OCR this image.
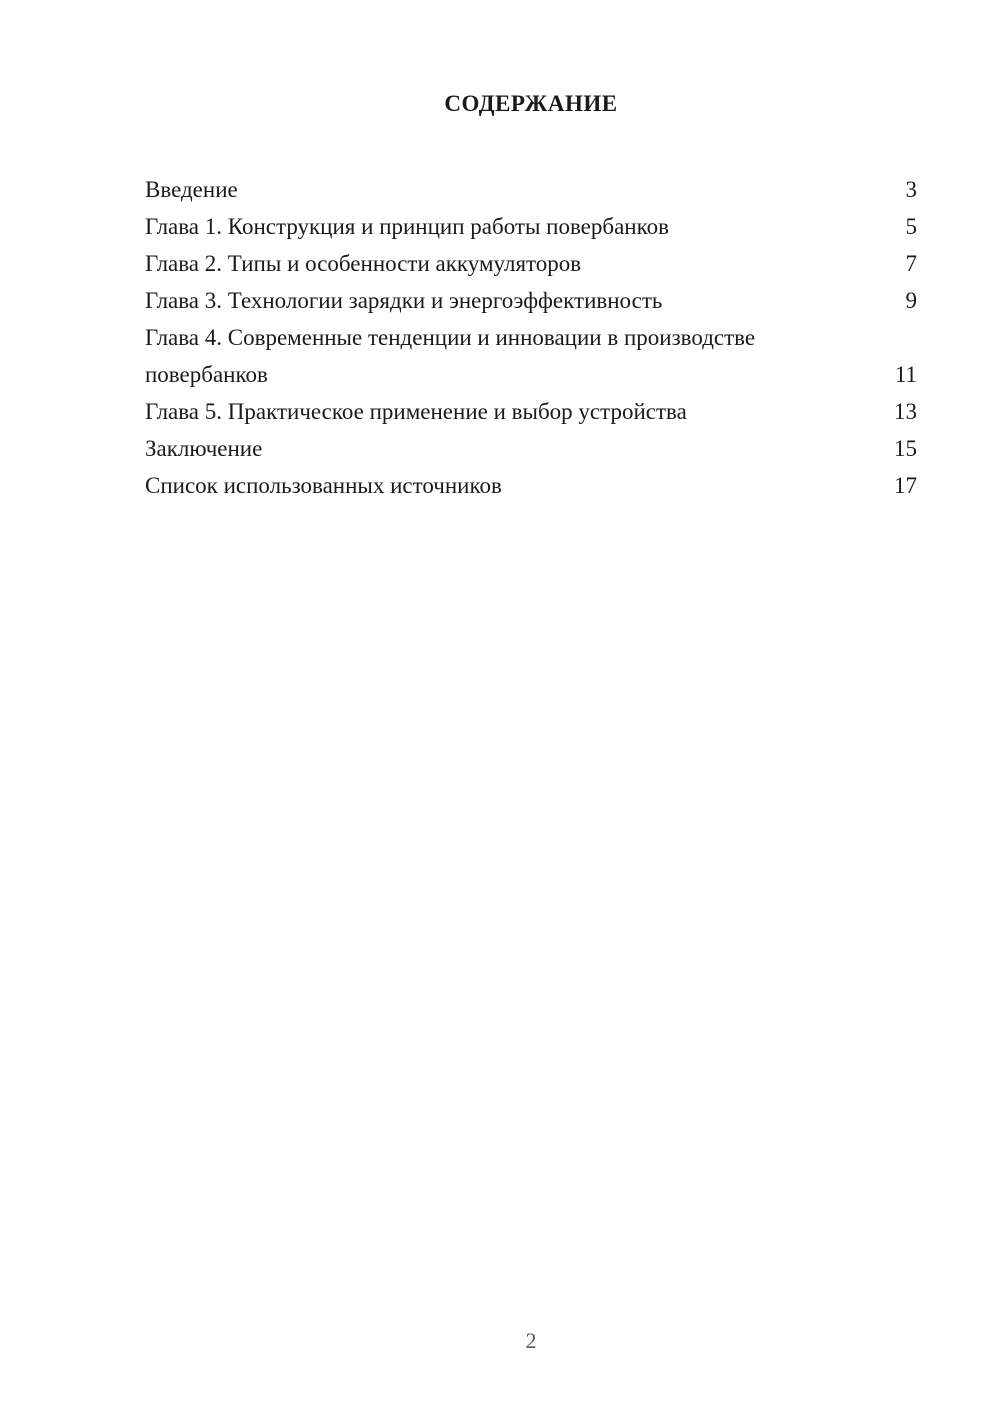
СОДЕРЖАНИЕ
Введение	3
Глава 1. Конструкция и принцип работы повербанков	5
Глава 2. Типы и особенности аккумуляторов	7
Глава 3. Технологии зарядки и энергоэффективность	9
Глава 4. Современные тенденции и инновации в производстве повербанков	11
Глава 5. Практическое применение и выбор устройства	13
Заключение	15
Список использованных источников	17
2
